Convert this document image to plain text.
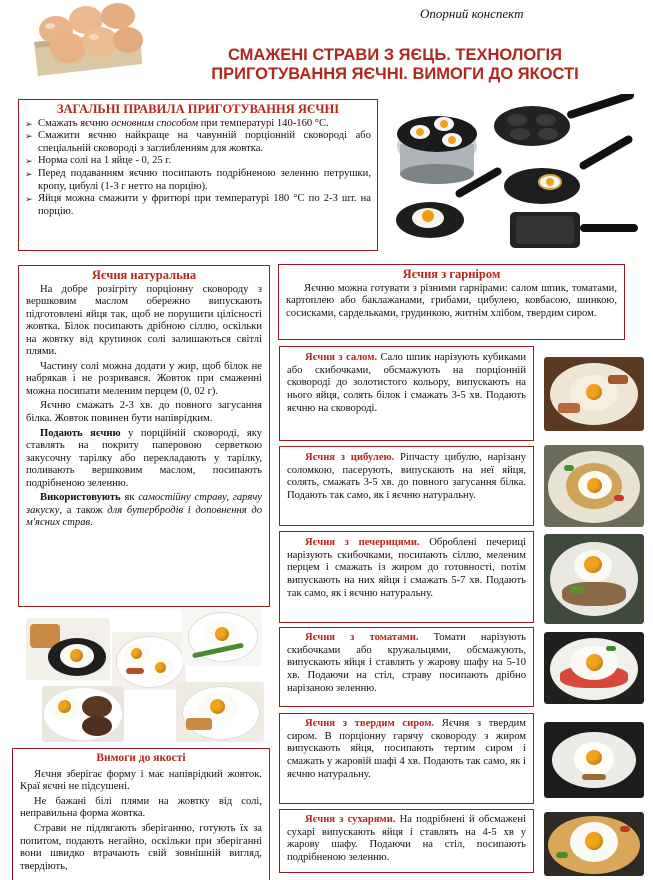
Опорний конспект
СМАЖЕНІ СТРАВИ З ЯЄЦЬ. ТЕХНОЛОГІЯ
ПРИГОТУВАННЯ ЯЄЧНІ. ВИМОГИ ДО ЯКОСТІ
ЗАГАЛЬНІ ПРАВИЛА ПРИГОТУВАННЯ ЯЄЧНІ
➢ Смажать яєчню основним способом при температурі 140-160 °С.
➢ Смажити яєчню найкраще на чавунній порціонній сковороді або спеціальній сковороді з заглибленням для жовтка.
➢ Норма солі на 1 яйце - 0, 25 г.
➢ Перед подаванням яєчню посипають подрібненою зеленню петрушки, кропу, цибулі (1-3 г нетто на порцію).
➢ Яйця можна смажити у фритюрі при температурі 180 °С по 2-3 шт. на порцію.
Яєчня натуральна

На добре розігріту порціонну сковороду з вершковим маслом обережно випускають підготовлені яйця так, щоб не порушити цілісності жовтка. Білок посипають дрібною сіллю, оскільки на жовтку від крупинок солі залишаються світлі плями.

Частину солі можна додати у жир, щоб білок не набрякав і не розривався. Жовток при смаженні можна посипати меленим перцем (0, 02 г).

Яєчню смажать 2-3 хв. до повного загусання білка. Жовток повинен бути напіврідким.

Подають яєчню у порційній сковороді, яку ставлять на покриту паперовою серветкою закусочну тарілку або перекладають у тарілку, поливають вершковим маслом, посипають подрібненою зеленню.

Використовують як самостійну страву, гарячу закуску, а також для бутербродів і доповнення до м'ясних страв.

Яєчня з гарніром

Яєчню можна готувати з різними гарнірами: салом шпик, томатами, картоплею або баклажанами, грибами, цибулею, ковбасою, шинкою, сосисками, сардельками, грудинкою, житнім хлібом, твердим сиром.

Яєчня з салом. Сало шпик нарізують кубиками або скибочками, обсмажують на порціонній сковороді до золотистого кольору, випускають на нього яйця, солять білок і смажать 3-5 хв. Подають яєчню на сковороді.

Яєчня з цибулею. Ріпчасту цибулю, нарізану соломкою, пасерують, випускають на неї яйця, солять, смажать 3-5 хв. до повного загусання білка. Подають так само, як і яєчню натуральну.

Яєчня з печерицями. Оброблені печериці нарізують скибочками, посипають сіллю, меленим перцем і смажать із жиром до готовності, потім випускають на них яйця і смажать 5-7 хв. Подають так само, як і яєчню натуральну.

Яєчня з томатами. Томати нарізують скибочками або кружальцями, обсмажують, випускають яйця і ставлять у жарову шафу на 5-10 хв. Подаючи на стіл, страву посипають дрібно нарізаною зеленню.

Яєчня з твердим сиром. Яєчня з твердим сиром. В порціонну гарячу сковороду з жиром випускають яйця, посипають тертим сиром і смажать у жаровій шафі 4 хв. Подають так само, як і яєчню натуральну.

Яєчня з сухарями. На подрібнені й обсмажені сухарі випускають яйця і ставлять на 4-5 хв у жарову шафу. Подаючи на стіл, посипають подрібненою зеленню.

Вимоги до якості

Яєчня зберігає форму і має напіврідкий жовток. Краї яєчні не підсушені.

Не бажані білі плями на жовтку від солі, неправильна форма жовтка.

Страви не підлягають зберіганню, готують їх за попитом, подають негайно, оскільки при зберіганні вони швидко втрачають свій зовнішній вигляд, твердіють,
